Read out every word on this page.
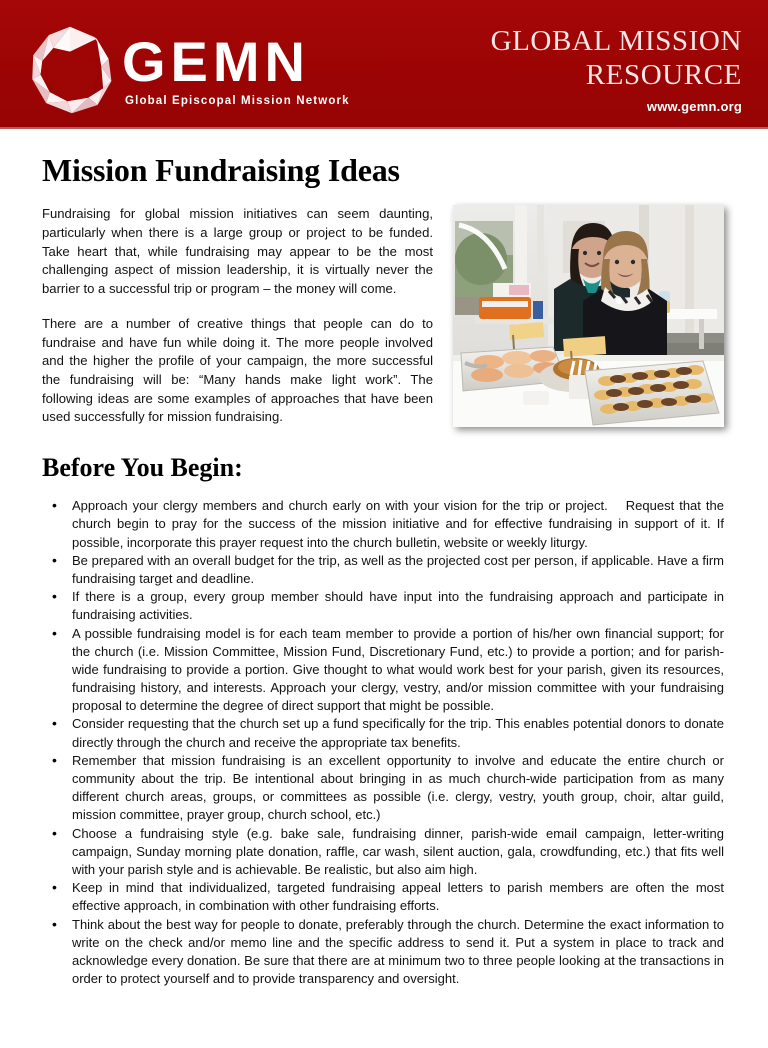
GEMN
Global Episcopal Mission Network
GLOBAL MISSION
RESOURCE
www.gemn.org
Mission Fundraising Ideas

Fundraising for global mission initiatives can seem daunting, particularly when there is a large group or project to be funded. Take heart that, while fundraising may appear to be the most challenging aspect of mission leadership, it is virtually never the barrier to a successful trip or program – the money will come.

There are a number of creative things that people can do to fundraise and have fun while doing it. The more people involved and the higher the profile of your campaign, the more successful the fundraising will be: “Many hands make light work”. The following ideas are some examples of approaches that have been used successfully for mission fundraising.

Before You Begin:
• Approach your clergy members and church early on with your vision for the trip or project.  Request that the church begin to pray for the success of the mission initiative and for effective fundraising in support of it. If possible, incorporate this prayer request into the church bulletin, website or weekly liturgy.
• Be prepared with an overall budget for the trip, as well as the projected cost per person, if applicable. Have a firm fundraising target and deadline.
• If there is a group, every group member should have input into the fundraising approach and participate in fundraising activities.
• A possible fundraising model is for each team member to provide a portion of his/her own financial support; for the church (i.e. Mission Committee, Mission Fund, Discretionary Fund, etc.) to provide a portion; and for parish-wide fundraising to provide a portion. Give thought to what would work best for your parish, given its resources, fundraising history, and interests. Approach your clergy, vestry, and/or mission committee with your fundraising proposal to determine the degree of direct support that might be possible.
• Consider requesting that the church set up a fund specifically for the trip. This enables potential donors to donate directly through the church and receive the appropriate tax benefits.
• Remember that mission fundraising is an excellent opportunity to involve and educate the entire church or community about the trip. Be intentional about bringing in as much church-wide participation from as many different church areas, groups, or committees as possible (i.e. clergy, vestry, youth group, choir, altar guild, mission committee, prayer group, church school, etc.)
• Choose a fundraising style (e.g. bake sale, fundraising dinner, parish-wide email campaign, letter-writing campaign, Sunday morning plate donation, raffle, car wash, silent auction, gala, crowdfunding, etc.) that fits well with your parish style and is achievable. Be realistic, but also aim high.
• Keep in mind that individualized, targeted fundraising appeal letters to parish members are often the most effective approach, in combination with other fundraising efforts.
• Think about the best way for people to donate, preferably through the church. Determine the exact information to write on the check and/or memo line and the specific address to send it. Put a system in place to track and acknowledge every donation. Be sure that there are at minimum two to three people looking at the transactions in order to protect yourself and to provide transparency and oversight.
